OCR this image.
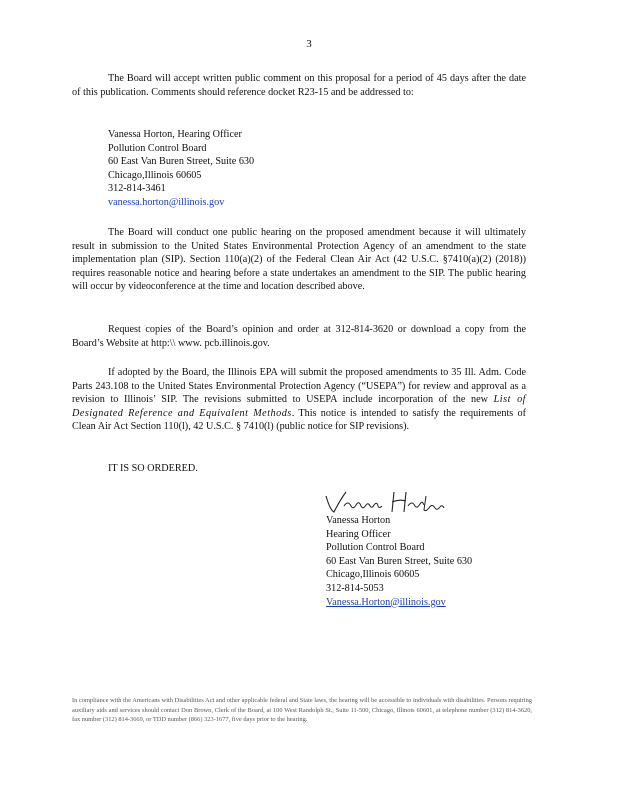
3
The Board will accept written public comment on this proposal for a period of 45 days after the date of this publication. Comments should reference docket R23-15 and be addressed to:
Vanessa Horton, Hearing Officer
Pollution Control Board
60 East Van Buren Street, Suite 630
Chicago,Illinois 60605
312-814-3461
vanessa.horton@illinois.gov
The Board will conduct one public hearing on the proposed amendment because it will ultimately result in submission to the United States Environmental Protection Agency of an amendment to the state implementation plan (SIP). Section 110(a)(2) of the Federal Clean Air Act (42 U.S.C. §7410(a)(2) (2018)) requires reasonable notice and hearing before a state undertakes an amendment to the SIP. The public hearing will occur by videoconference at the time and location described above.
Request copies of the Board’s opinion and order at 312-814-3620 or download a copy from the Board’s Website at http:\\ www. pcb.illinois.gov.
If adopted by the Board, the Illinois EPA will submit the proposed amendments to 35 Ill. Adm. Code Parts 243.108 to the United States Environmental Protection Agency (“USEPA”) for review and approval as a revision to Illinois’ SIP. The revisions submitted to USEPA include incorporation of the new List of Designated Reference and Equivalent Methods. This notice is intended to satisfy the requirements of Clean Air Act Section 110(l), 42 U.S.C. § 7410(l) (public notice for SIP revisions).
IT IS SO ORDERED.
Vanessa Horton
Hearing Officer
Pollution Control Board
60 East Van Buren Street, Suite 630
Chicago,Illinois 60605
312-814-5053
Vanessa.Horton@illinois.gov
In compliance with the Americans with Disabilities Act and other applicable federal and State laws, the hearing will be accessible to individuals with disabilities. Persons requiring auxiliary aids and services should contact Don Brown, Clerk of the Board, at 100 West Randolph St., Suite 11-500, Chicago, Illinois 60601, at telephone number (312) 814-3620, fax number (312) 814-3669, or TDD number (866) 323-1677, five days prior to the hearing.
